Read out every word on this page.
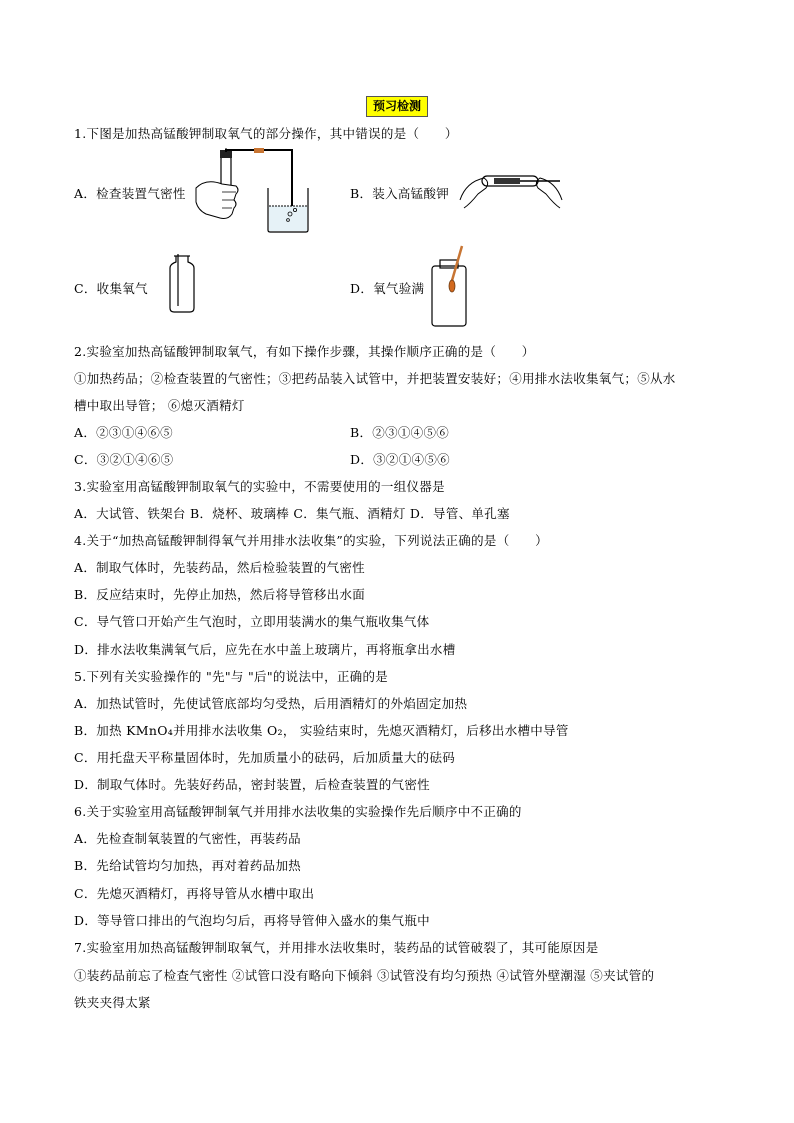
预习检测
1.下图是加热高锰酸钾制取氧气的部分操作，其中错误的是（　　）
A．检查装置气密性	B．装入高锰酸钾
C．收集氧气	D．氧气验满
2.实验室加热高锰酸钾制取氧气，有如下操作步骤，其操作顺序正确的是（　　）
①加热药品；②检查装置的气密性；③把药品装入试管中，并把装置安装好；④用排水法收集氧气；⑤从水
槽中取出导管； ⑥熄灭酒精灯
A．②③①④⑥⑤	B．②③①④⑤⑥
C．③②①④⑥⑤	D．③②①④⑤⑥
3.实验室用高锰酸钾制取氧气的实验中，不需要使用的一组仪器是
A．大试管、铁架台 B．烧杯、玻璃棒 C．集气瓶、酒精灯 D．导管、单孔塞
4.关于“加热高锰酸钾制得氧气并用排水法收集”的实验，下列说法正确的是（　　）
A．制取气体时，先装药品，然后检验装置的气密性
B．反应结束时，先停止加热，然后将导管移出水面
C．导气管口开始产生气泡时，立即用装满水的集气瓶收集气体
D．排水法收集满氧气后，应先在水中盖上玻璃片，再将瓶拿出水槽
5.下列有关实验操作的 "先"与 "后"的说法中，正确的是
A．加热试管时，先使试管底部均匀受热，后用酒精灯的外焰固定加热
B．加热 KMnO₄并用排水法收集 O₂， 实验结束时，先熄灭酒精灯，后移出水槽中导管
C．用托盘天平称量固体时，先加质量小的砝码，后加质量大的砝码
D．制取气体时。先装好药品，密封装置，后检查装置的气密性
6.关于实验室用高锰酸钾制氧气并用排水法收集的实验操作先后顺序中不正确的
A．先检查制氧装置的气密性，再装药品
B．先给试管均匀加热，再对着药品加热
C．先熄灭酒精灯，再将导管从水槽中取出
D．等导管口排出的气泡均匀后，再将导管伸入盛水的集气瓶中
7.实验室用加热高锰酸钾制取氧气，并用排水法收集时，装药品的试管破裂了，其可能原因是
①装药品前忘了检查气密性 ②试管口没有略向下倾斜 ③试管没有均匀预热 ④试管外壁潮湿 ⑤夹试管的
铁夹夹得太紧
